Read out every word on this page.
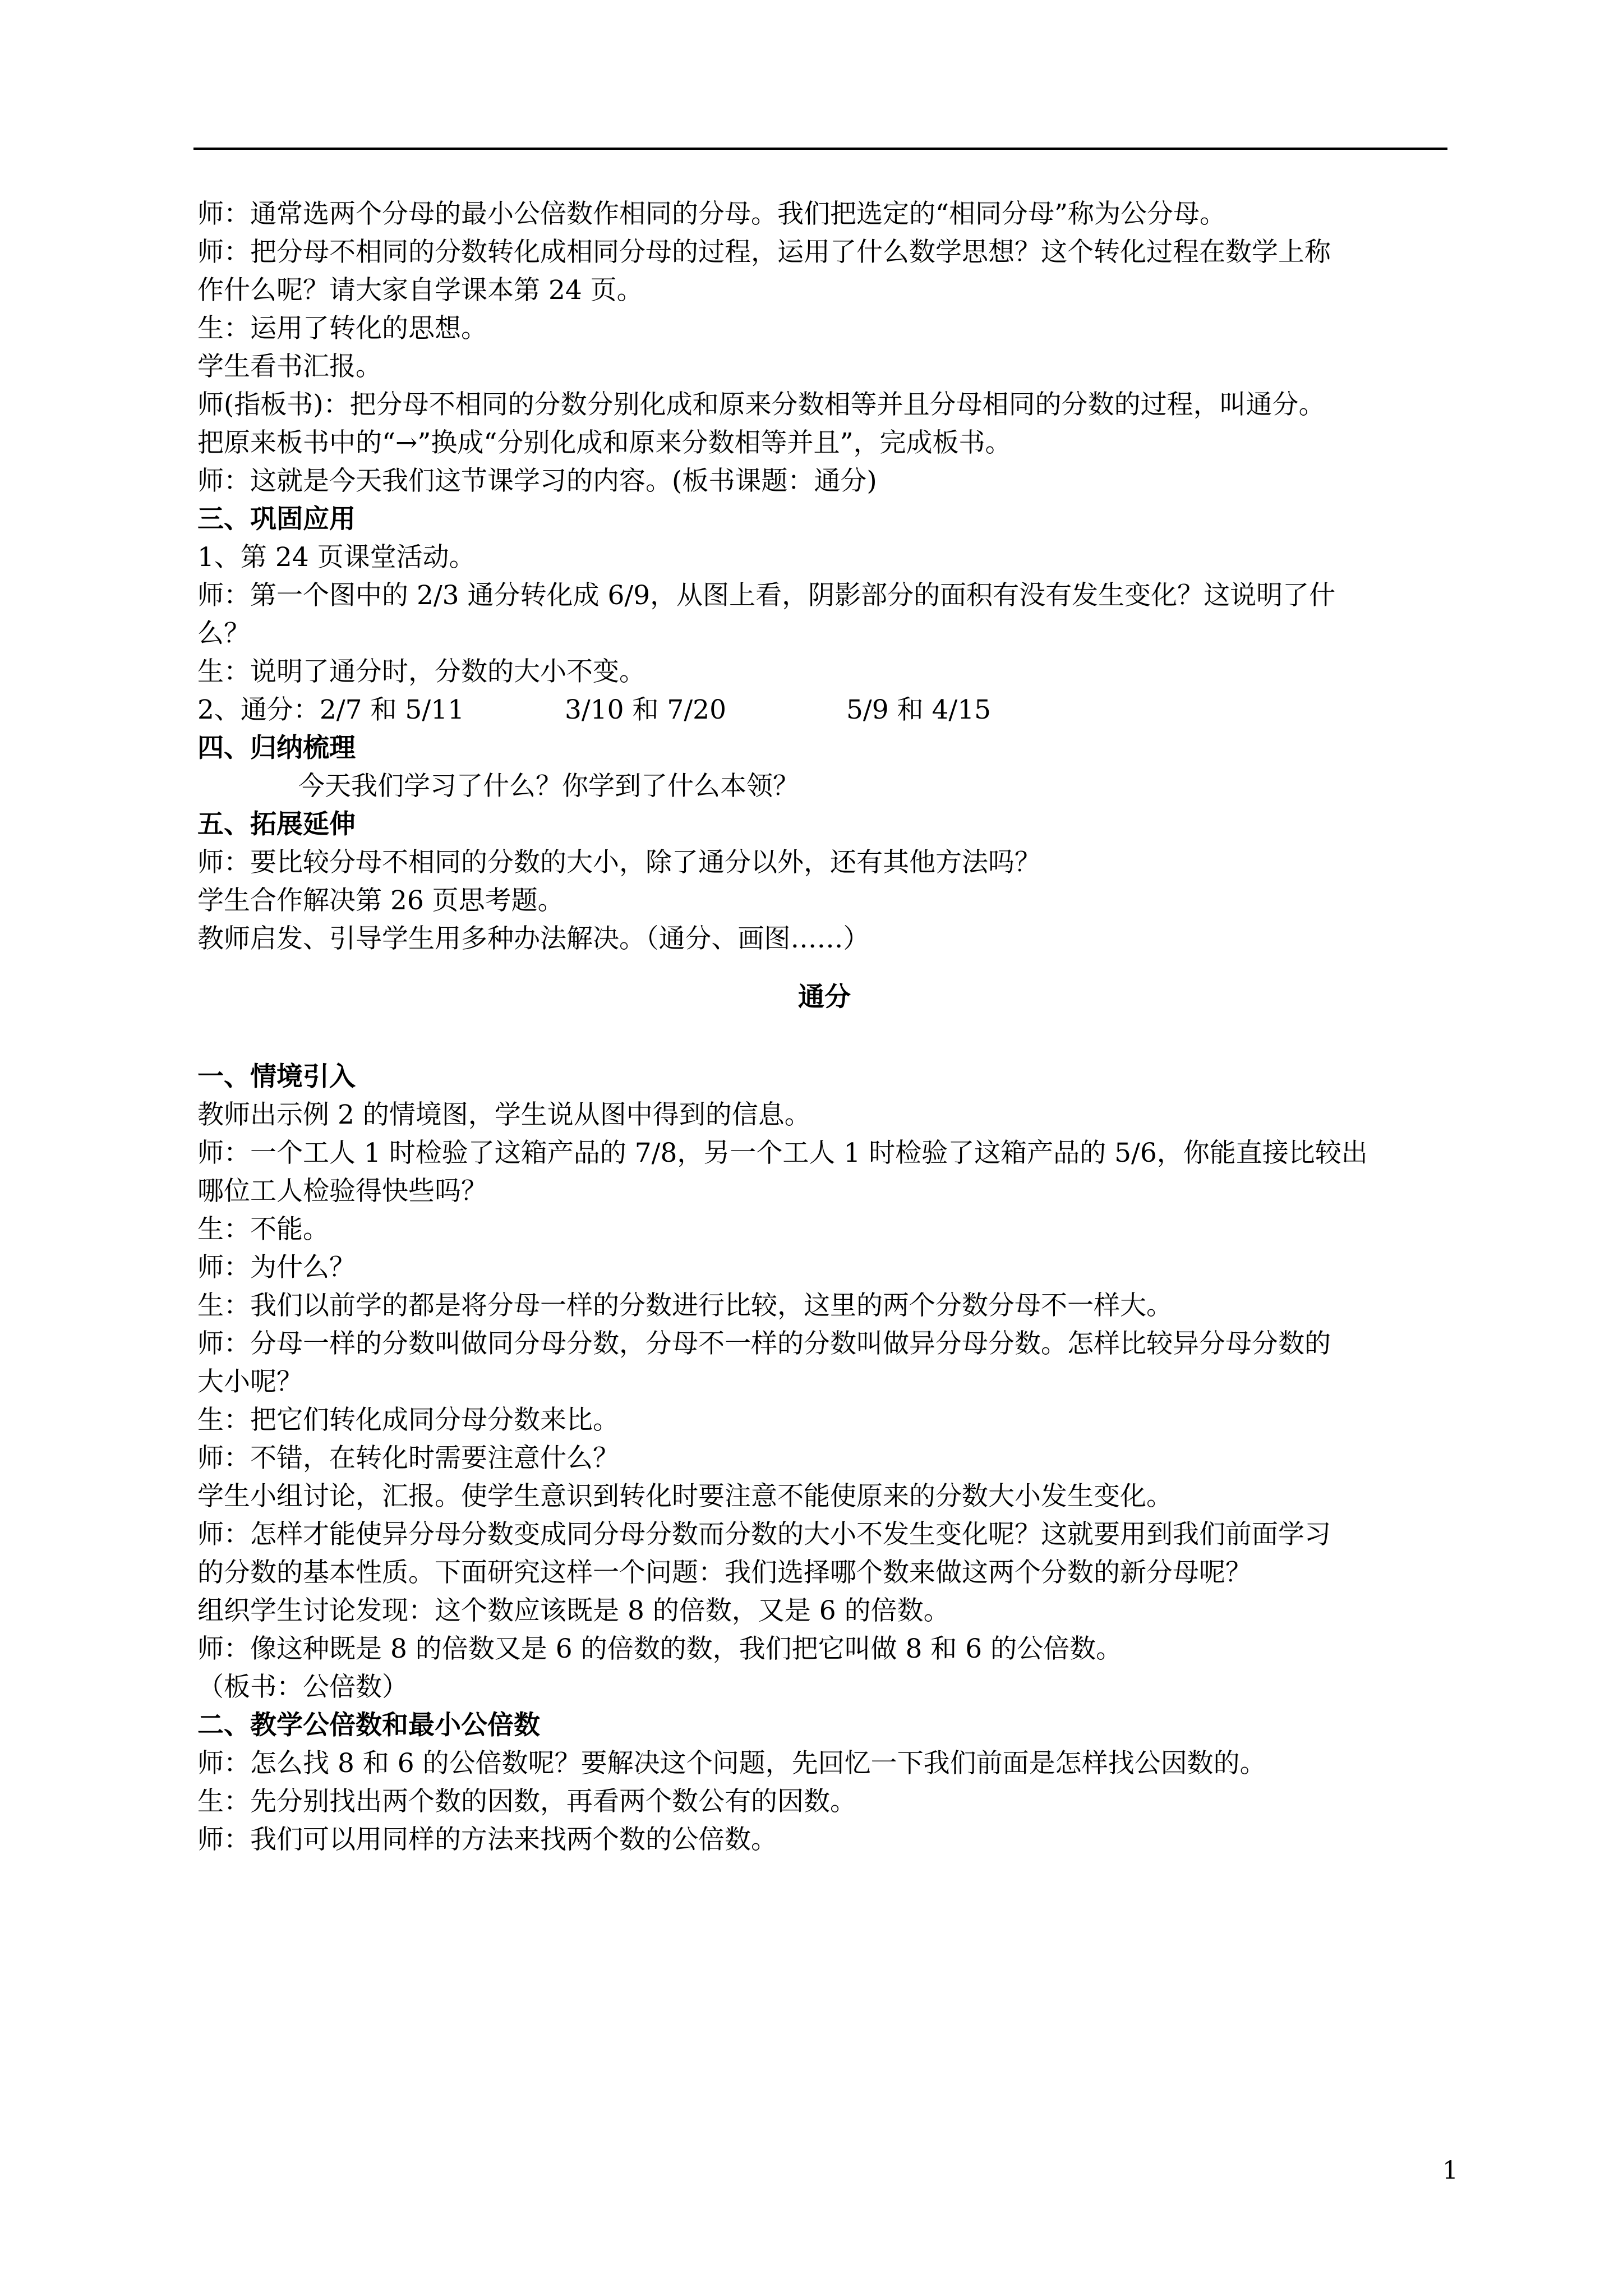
师：通常选两个分母的最小公倍数作相同的分母。我们把选定的“相同分母”称为公分母。
师：把分母不相同的分数转化成相同分母的过程，运用了什么数学思想？这个转化过程在数学上称
作什么呢？请大家自学课本第 24 页。
生：运用了转化的思想。
学生看书汇报。
师(指板书)：把分母不相同的分数分别化成和原来分数相等并且分母相同的分数的过程，叫通分。
把原来板书中的“→”换成“分别化成和原来分数相等并且”，完成板书。
师：这就是今天我们这节课学习的内容。(板书课题：通分)
三、巩固应用
1、第 24 页课堂活动。
师：第一个图中的 2/3 通分转化成 6/9，从图上看，阴影部分的面积有没有发生变化？这说明了什
么？
生：说明了通分时，分数的大小不变。
2、通分：2/7 和 5/11	3/10 和 7/20	5/9 和 4/15
四、归纳梳理
今天我们学习了什么？你学到了什么本领？
五、拓展延伸
师：要比较分母不相同的分数的大小，除了通分以外，还有其他方法吗？
学生合作解决第 26 页思考题。
教师启发、引导学生用多种办法解决。（通分、画图……）
通分
一、情境引入
教师出示例 2 的情境图，学生说从图中得到的信息。
师：一个工人 1 时检验了这箱产品的 7/8，另一个工人 1 时检验了这箱产品的 5/6，你能直接比较出
哪位工人检验得快些吗？
生：不能。
师：为什么？
生：我们以前学的都是将分母一样的分数进行比较，这里的两个分数分母不一样大。
师：分母一样的分数叫做同分母分数，分母不一样的分数叫做异分母分数。怎样比较异分母分数的
大小呢？
生：把它们转化成同分母分数来比。
师：不错，在转化时需要注意什么？
学生小组讨论，汇报。使学生意识到转化时要注意不能使原来的分数大小发生变化。
师：怎样才能使异分母分数变成同分母分数而分数的大小不发生变化呢？这就要用到我们前面学习
的分数的基本性质。下面研究这样一个问题：我们选择哪个数来做这两个分数的新分母呢？
组织学生讨论发现：这个数应该既是 8 的倍数，又是 6 的倍数。
师：像这种既是 8 的倍数又是 6 的倍数的数，我们把它叫做 8 和 6 的公倍数。
（板书：公倍数）
二、教学公倍数和最小公倍数
师：怎么找 8 和 6 的公倍数呢？要解决这个问题，先回忆一下我们前面是怎样找公因数的。
生：先分别找出两个数的因数，再看两个数公有的因数。
师：我们可以用同样的方法来找两个数的公倍数。
1
